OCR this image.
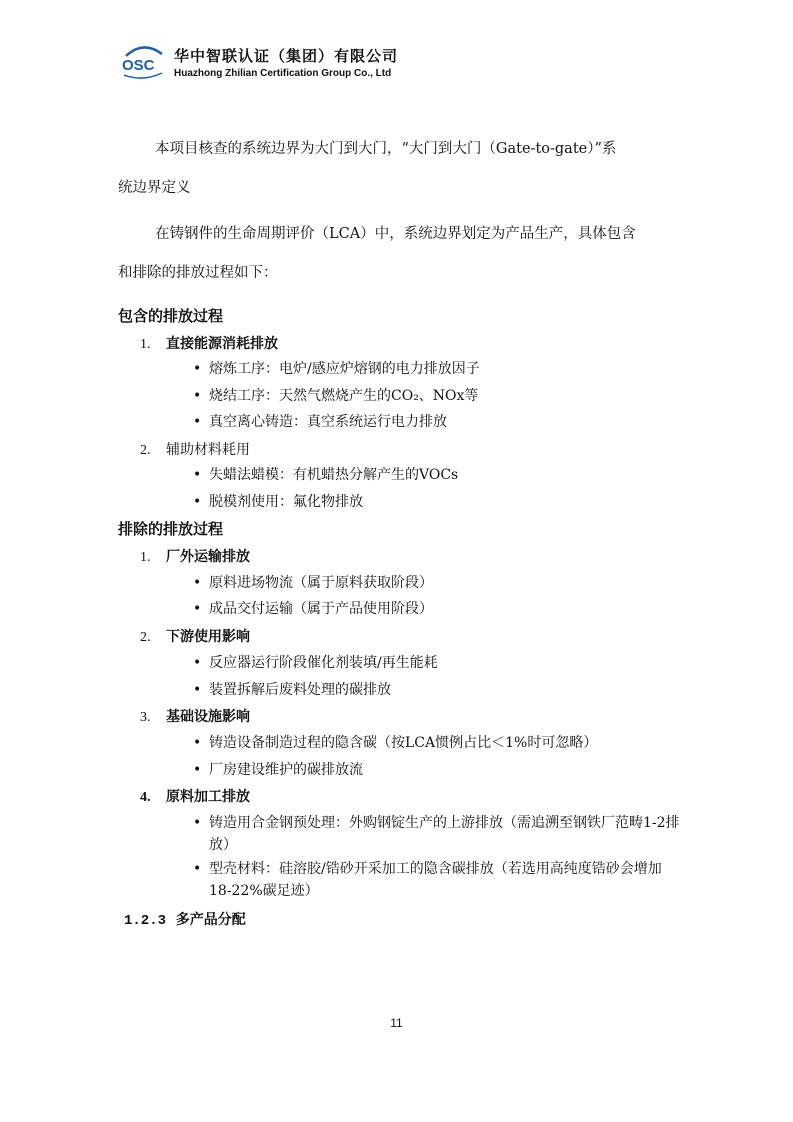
OSC
华中智联认证（集团）有限公司
Huazhong Zhilian Certification Group Co., Ltd
本项目核查的系统边界为大门到大门，“大门到大门（Gate-to-gate）”系
统边界定义
在铸钢件的生命周期评价（LCA）中，系统边界划定为产品生产，具体包含
和排除的排放过程如下：
包含的排放过程
1. 直接能源消耗排放
• 熔炼工序：电炉/感应炉熔钢的电力排放因子
• 烧结工序：天然气燃烧产生的CO₂、NOx等
• 真空离心铸造：真空系统运行电力排放
2. 辅助材料耗用
• 失蜡法蜡模：有机蜡热分解产生的VOCs
• 脱模剂使用：氟化物排放
排除的排放过程
1. 厂外运输排放
• 原料进场物流（属于原料获取阶段）
• 成品交付运输（属于产品使用阶段）
2. 下游使用影响
• 反应器运行阶段催化剂装填/再生能耗
• 装置拆解后废料处理的碳排放
3. 基础设施影响
• 铸造设备制造过程的隐含碳（按LCA惯例占比＜1%时可忽略）
• 厂房建设维护的碳排放流
4. 原料加工排放
• 铸造用合金钢预处理：外购钢锭生产的上游排放（需追溯至钢铁厂范畴1-2排放）
• 型壳材料：硅溶胶/锆砂开采加工的隐含碳排放（若选用高纯度锆砂会增加18-22%碳足迹）
1.2.3 多产品分配
11
